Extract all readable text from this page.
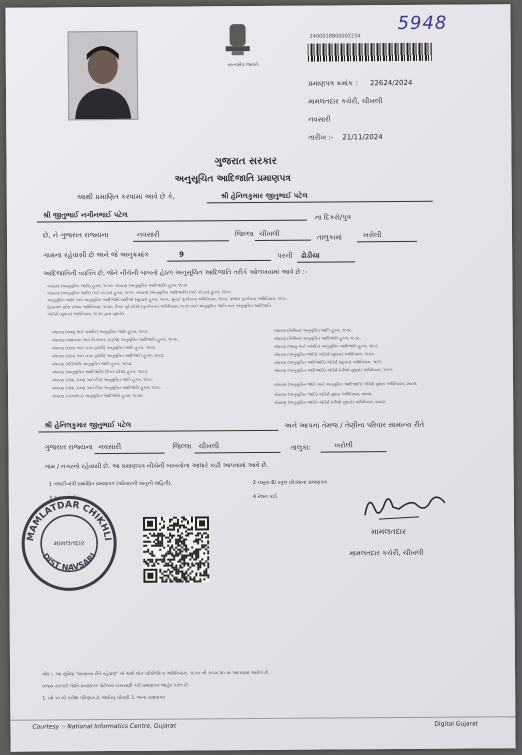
5948
સત્યમેવ જયતે
2400018800002234
પ્રમાણપત્ર ક્રમાંક : 22624/2024
મામલતદાર કચેરી, ચીખલી
નવસારી
તારીખ :- 21/11/2024
ગુજરાત સરકાર
અનુસૂચિત આદિજાતિ પ્રમાણપત્ર
આથી પ્રમાણિત કરવામાં આવે છે કે,	શ્રી હેનિલકુમાર જીતુભાઈ પટેલ
શ્રી જીતુભાઈ નગીનભાઈ પટેલ	ના દિકરો/પુત્ર
છે, ને ગુજરાત રાજ્યના	નવસારી	જિલ્લા ચીખલી	તાલુકામાં	ખરોલી
ગામના રહેવાસી છે અને જે અનુક્રમાંક	9	પરની ઢોડીયા
આદિજાતિની વ્યક્તિ છે, જેને નીચેની બાબતો હેઠળ અનુસૂચિત આદિજાતિ તરીકે ઓળખવામાં આવે છે :-
બંધારણ (અનુસૂચિત જાતિ) હુકમ, ૧૯૫૦. બંધારણ (અનુસૂચિત આદિજાતિ) હુકમ ૧૯૫૦
બંધારણ (અનુસૂચિત જાતિ) (પાર્ટ સ્ટેટ્સ) હુકમ, ૧૯૫૧. બંધારણ (અનુસૂચિત આદિજાતિ) (પાર્ટ સ્ટેટ્સ) હુકમ, ૧૯૫૧.
અનુસૂચિત જાતિ અને અનુસૂચિત આદિજાતિ યાદીઓ (સુધારા) હુકમ, ૧૯૫૬. મુંબઈ પુનર્રચના અધિનિયમ, ૧૯૬૦, પંજાબ પુનર્રચના અધિનિયમ, ૧૯૬૬.
હિમાચલ પ્રદેશ રાજ્ય અધિનિયમ, ૧૯૭૦, ઉત્તર પૂર્વ પ્રદેશો (પુનર્રચના) અધિનિયમ, ૧૯૭૧ અને અનુસૂચિત જાતિ અને અનુસૂચિત આદિજાતિ
ઓર્ડર્સ (સુધારા) અધિનિયમ, ૧૯૭૬ દ્વારા સુધારેલ
બંધારણ (જમ્મુ અને કાશ્મીર) અનુસૂચિત જાતિ હુકમ, ૧૯૫૬.
બંધારણ (આંદામાન અને નિકોબાર ટાપુઓ) અનુસૂચિત આદિજાતિ હુકમ, ૧૯૫૯.
બંધારણ (દાદરા અને નગર હવેલી) અનુસૂચિત જાતિ હુકમ, ૧૯૬૨.
બંધારણ (દાદરા અને નગર હવેલી) અનુસૂચિત આદિજાતિ હુકમ, ૧૯૬૨.
બંધારણ (પોંડિચેરી) અનુસૂચિત જાતિ હુકમ, ૧૯૬૪.
બંધારણ (અનુસૂચિત આદિજાતિ) (ઉત્તર પ્રદેશ) હુકમ, ૧૯૬૭.
બંધારણ (ગોવા, દમણ અને દીવ) અનુસૂચિત જાતિ હુકમ, ૧૯૬૮.
બંધારણ (ગોવા, દમણ અને દીવ) અનુસૂચિત આદિજાતિ હુકમ, ૧૯૬૮.
બંધારણ (નાગાલેન્ડ) અનુસૂચિત આદિજાતિ હુકમ, ૧૯૭૦.
બંધારણ (સિક્કિમ) અનુસૂચિત જાતિ હુકમ, ૧૯૭૮.
બંધારણ (સિક્કિમ) અનુસૂચિત આદિજાતિ હુકમ, ૧૯૭૮.
બંધારણ (જમ્મુ અને કાશ્મીર) અનુસૂચિત આદિજાતિ હુકમ, ૧૯૮૯.
બંધારણ (અનુસૂચિત જાતિ) ઓર્ડર્સ (સુધારા) અધિનિયમ, ૧૯૯૦.
બંધારણ (અનુસૂચિત આદિજાતિ) ઓર્ડર્સ (સુધારા) અધિનિયમ, ૧૯૯૧.
બંધારણ (અનુસૂચિત આદિજાતિ) ઓર્ડર્સ (બીજો સુધારો) અધિનિયમ, ૧૯૯૧.
બંધારણ (અનુસૂચિત જાતિ અને અનુસૂચિત આદિજાતિ) ઓર્ડર્સ સુધારા અધિનિયમ, ૨૦૦૨.
બંધારણ (અનુસૂચિત જાતિ) ઓર્ડર્સ સુધારા અધિનિયમ, ૨૦૦૨.
બંધારણ (અનુસૂચિત જાતિ) ઓર્ડર્સ (બીજો સુધારો) અધિનિયમ, ૨૦૦૨.
શ્રી હેનિલકુમાર જીતુભાઈ પટેલ	અને આપના તેમજ / તેણીના પરિવાર સામાન્ય રીતે
ગુજરાત રાજ્યના નવસારી	જિલ્લા ચીખલી	તાલુકા:	ખરોલી
ગામ / નગરનો રહેવાસી છે. આ પ્રમાણપત્ર નીચેની બાબતોના આધારે કાઢી આપવામાં આવે છે.
1 તલાટી-મંત્રી પ્રમાણિત પ્રમાણપત્ર (પરિવારની વસ્તુની માહિતી).	2 નમૂના 8/ સ્કૂલ છોડ્યાના પ્રમાણપત્ર
3 આધાર કાર્ડ	4 રેશન કાર્ડ
MAMLATDAR CHIKHLI
DIST NAVSARI
મામલતદાર
મામલતદાર
મામલતદાર કચેરી, ચીખલી
નોંધ :- આ સુવિધા "સામાન્ય રીતે રહેઠાણ" નો અર્થ લોક પ્રતિનિધિત્વ અધિનિયમ, ૧૯૫૦ ની કલમ ૨૦ માં આપવામાં આવેલ છે.
રાજ્ય સરકારે જાતિ પ્રમાણપત્ર પોર્ટલમાં ચકાસણી કરી પ્રમાણપત્ર જાહેર કરેલ છે.
1. વર્ષ ૧૦ મી પરીક્ષા પરિણામ 2. જાતિનું નોંધણી 3. જન્મ પ્રમાણપત્ર
Courtesy :- National Informatics Centre, Gujarat	Digital Gujarat
